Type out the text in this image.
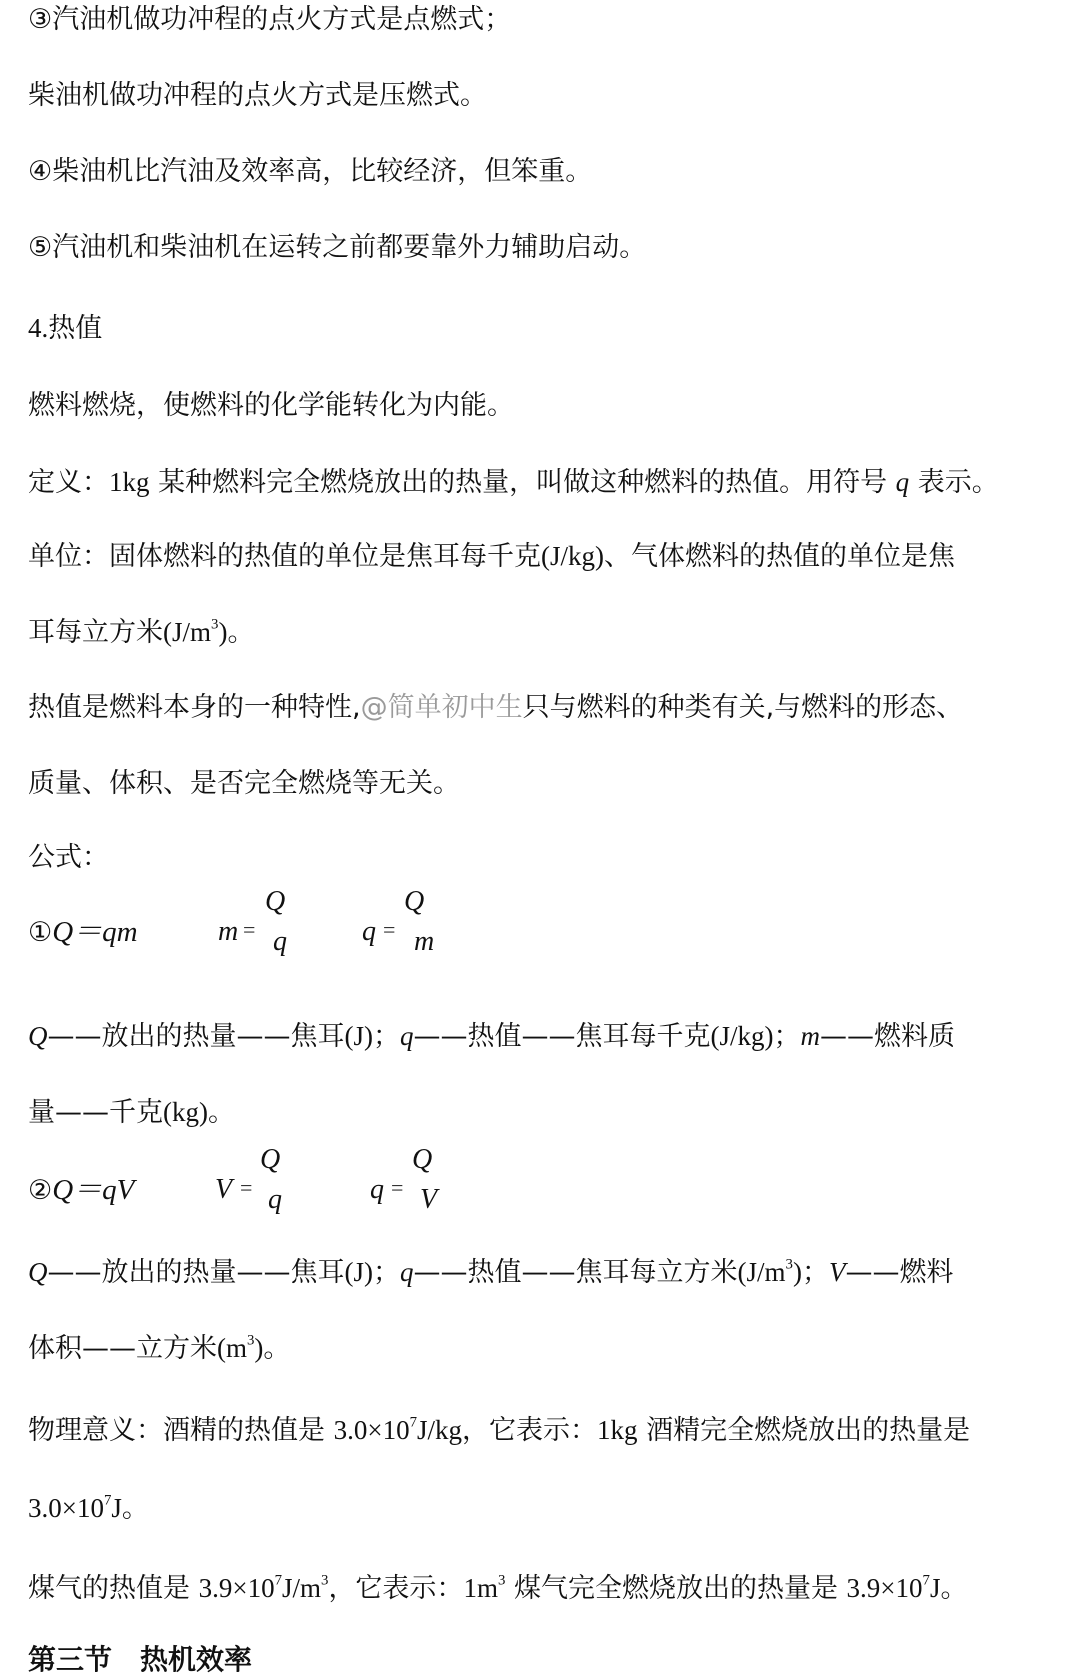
③汽油机做功冲程的点火方式是点燃式；
柴油机做功冲程的点火方式是压燃式。
④柴油机比汽油及效率高，比较经济，但笨重。
⑤汽油机和柴油机在运转之前都要靠外力辅助启动。
4.热值
燃料燃烧，使燃料的化学能转化为内能。
定义：1kg 某种燃料完全燃烧放出的热量，叫做这种燃料的热值。用符号 q 表示。
单位：固体燃料的热值的单位是焦耳每千克(J/kg)、气体燃料的热值的单位是焦
耳每立方米$(J/m^3)$。
热值是燃料本身的一种特性,@简单初中生只与燃料的种类有关,与燃料的形态、
质量、体积、是否完全燃烧等无关。
公式：
①Q＝qm	m =
Q
q	q =
Q
m
Q——放出的热量——焦耳(J)；q——热值——焦耳每千克(J/kg)；m——燃料质
量——千克(kg)。
②Q＝qV	V =
Q
q	q =
Q
V
Q——放出的热量——焦耳(J)；q——热值——焦耳每立方米$(J/m^3)$；V——燃料
体积——立方米$(m^3)$。
物理意义：酒精的热值是 $3.0\times 10^7J/kg$，它表示：1kg 酒精完全燃烧放出的热量是
$3.0\times 10^7J$。
煤气的热值是 $3.9\times 10^7J/m^3$，它表示：$1m^3$ 煤气完全燃烧放出的热量是 $3.9\times 10^7J$。
第三节　热机效率
